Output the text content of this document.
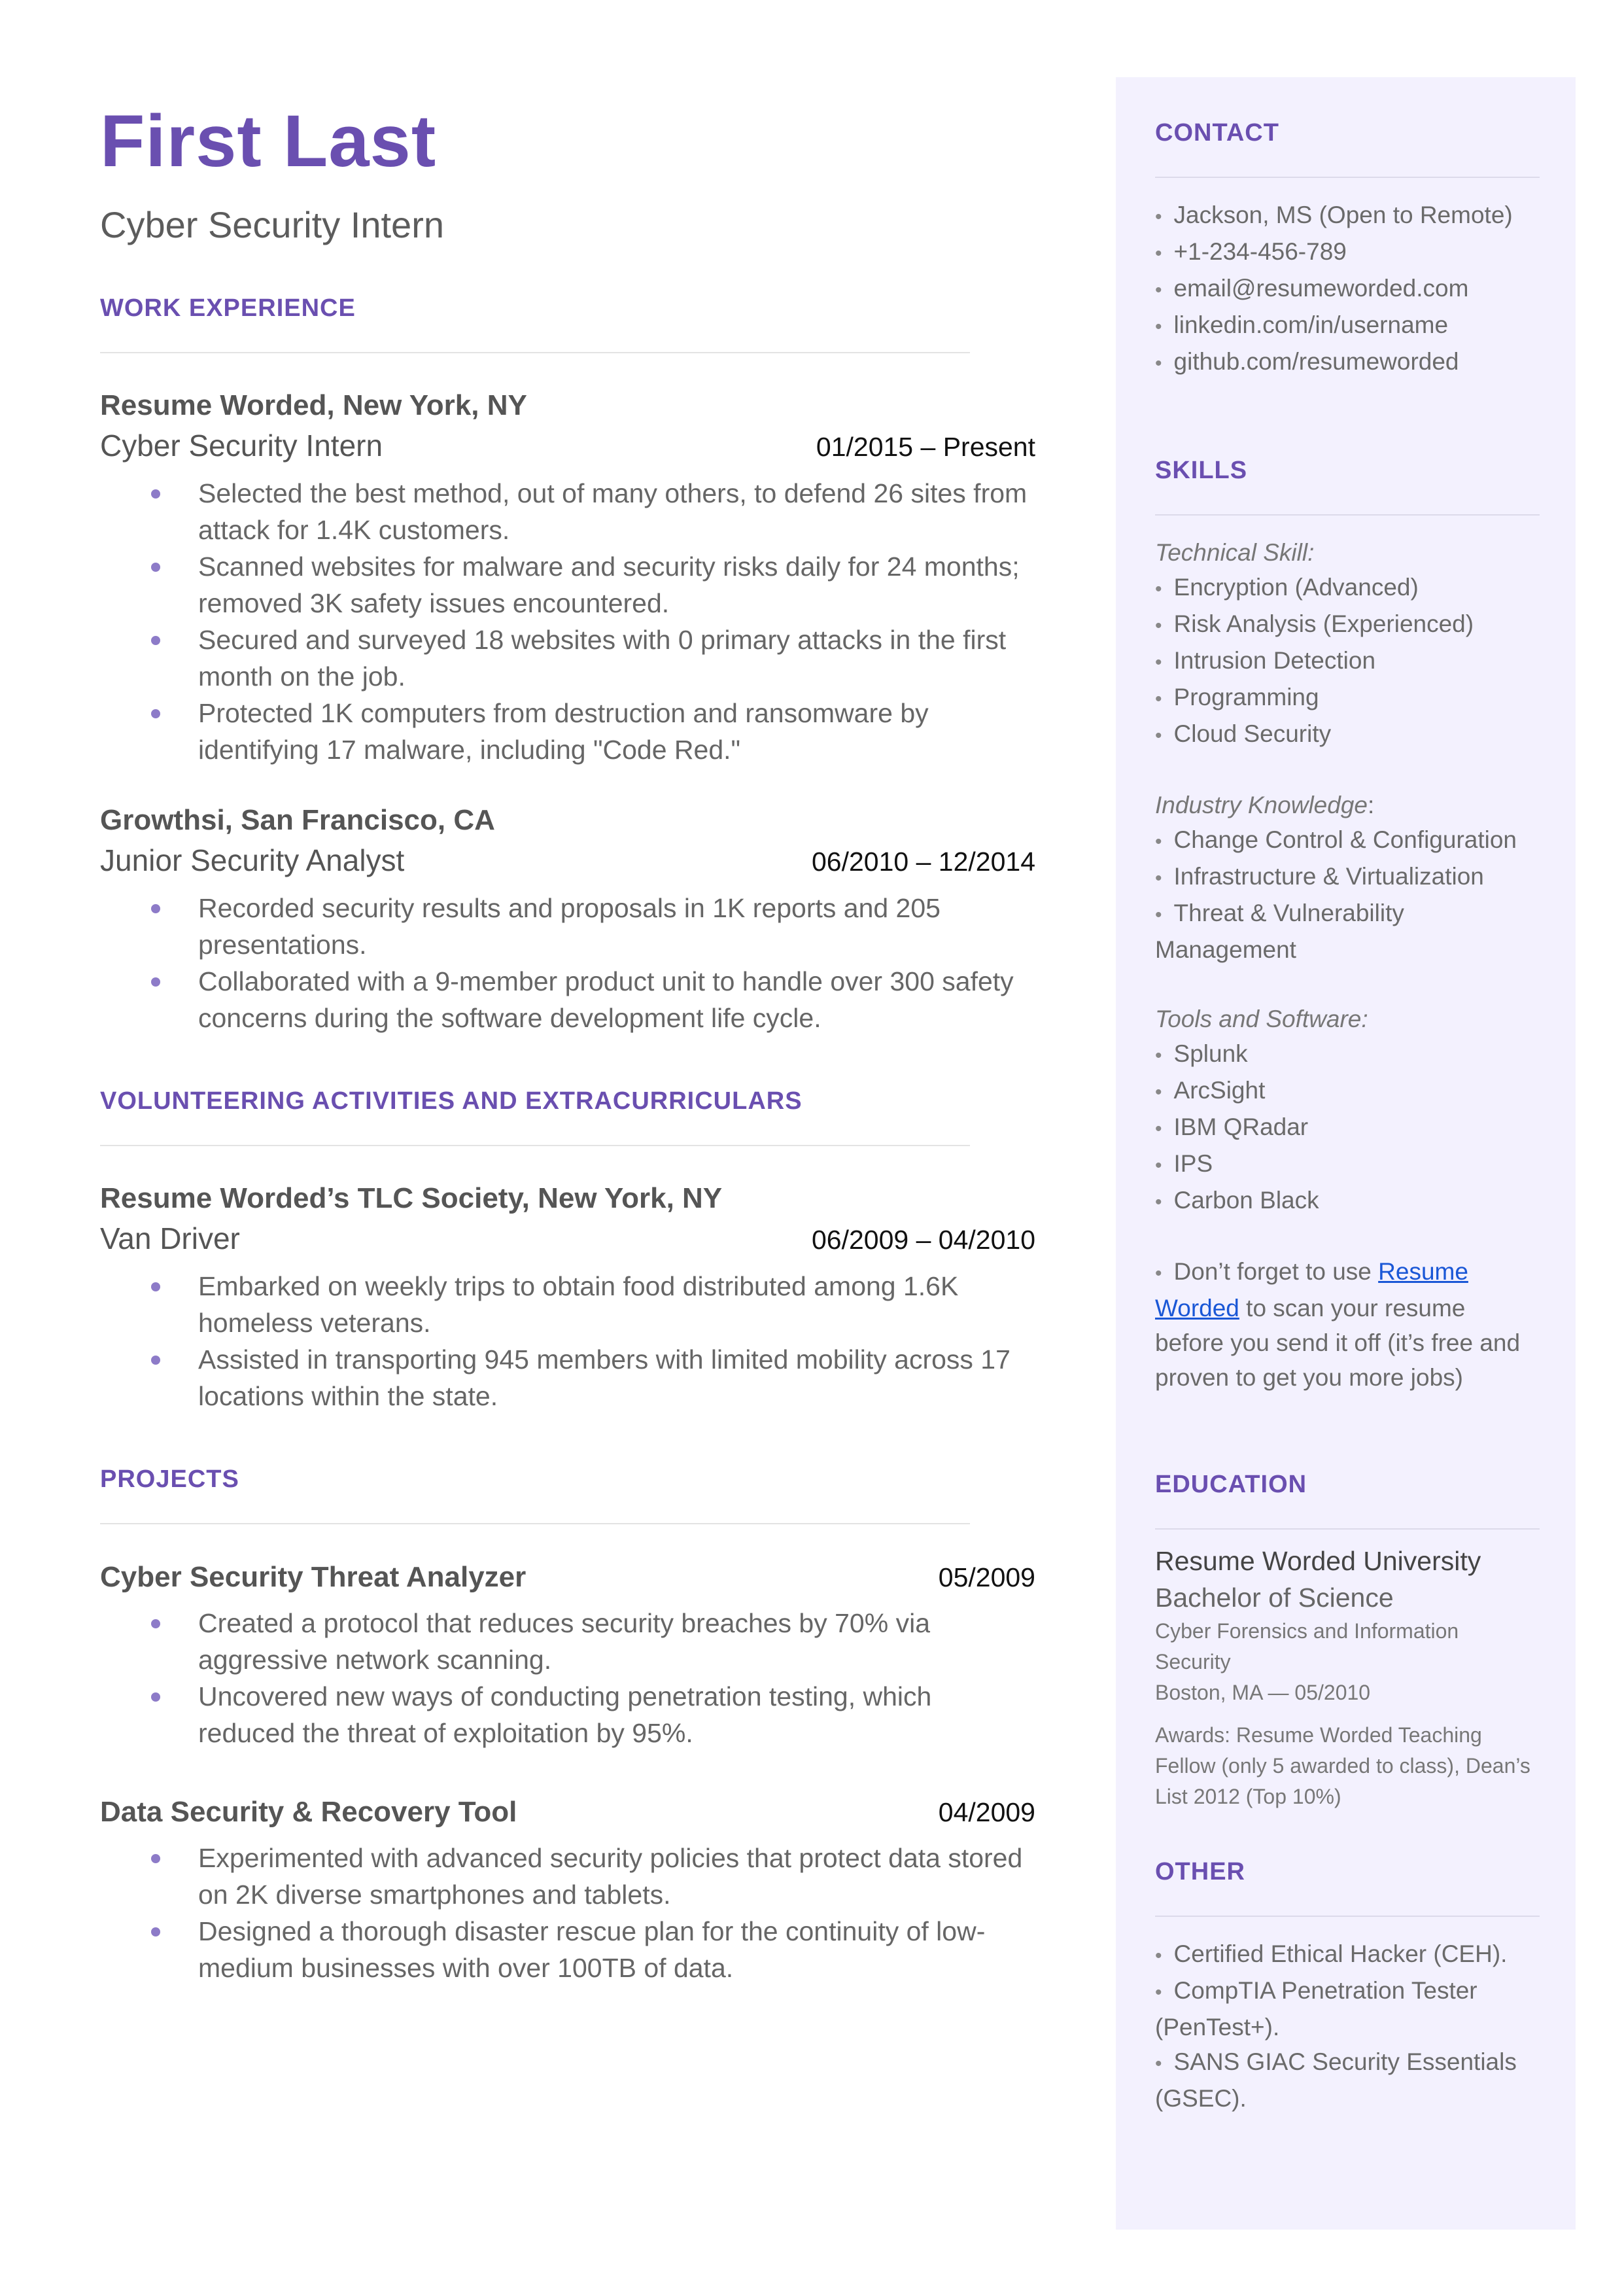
First Last
Cyber Security Intern
WORK EXPERIENCE
Resume Worded, New York, NY
Cyber Security Intern	01/2015 – Present
Selected the best method, out of many others, to defend 26 sites from attack for 1.4K customers.
Scanned websites for malware and security risks daily for 24 months; removed 3K safety issues encountered.
Secured and surveyed 18 websites with 0 primary attacks in the first month on the job.
Protected 1K computers from destruction and ransomware by identifying 17 malware, including "Code Red."
Growthsi, San Francisco, CA
Junior Security Analyst	06/2010 – 12/2014
Recorded security results and proposals in 1K reports and 205 presentations.
Collaborated with a 9-member product unit to handle over 300 safety concerns during the software development life cycle.
VOLUNTEERING ACTIVITIES AND EXTRACURRICULARS
Resume Worded’s TLC Society, New York, NY
Van Driver	06/2009 – 04/2010
Embarked on weekly trips to obtain food distributed among 1.6K homeless veterans.
Assisted in transporting 945 members with limited mobility across 17 locations within the state.
PROJECTS
Cyber Security Threat Analyzer	05/2009
Created a protocol that reduces security breaches by 70% via aggressive network scanning.
Uncovered new ways of conducting penetration testing, which reduced the threat of exploitation by 95%.
Data Security & Recovery Tool	04/2009
Experimented with advanced security policies that protect data stored on 2K diverse smartphones and tablets.
Designed a thorough disaster rescue plan for the continuity of low-medium businesses with over 100TB of data.
CONTACT
• Jackson, MS (Open to Remote)
• +1-234-456-789
• email@resumeworded.com
• linkedin.com/in/username
• github.com/resumeworded
SKILLS
Technical Skill:
• Encryption (Advanced)
• Risk Analysis (Experienced)
• Intrusion Detection
• Programming
• Cloud Security
Industry Knowledge:
• Change Control & Configuration
• Infrastructure & Virtualization
• Threat & Vulnerability
Management
Tools and Software:
• Splunk
• ArcSight
• IBM QRadar
• IPS
• Carbon Black
• Don’t forget to use Resume
Worded to scan your resume
before you send it off (it’s free and
proven to get you more jobs)
EDUCATION
Resume Worded University
Bachelor of Science
Cyber Forensics and Information Security
Boston, MA — 05/2010
Awards: Resume Worded Teaching Fellow (only 5 awarded to class), Dean’s List 2012 (Top 10%)
OTHER
• Certified Ethical Hacker (CEH).
• CompTIA Penetration Tester
(PenTest+).
• SANS GIAC Security Essentials
(GSEC).
